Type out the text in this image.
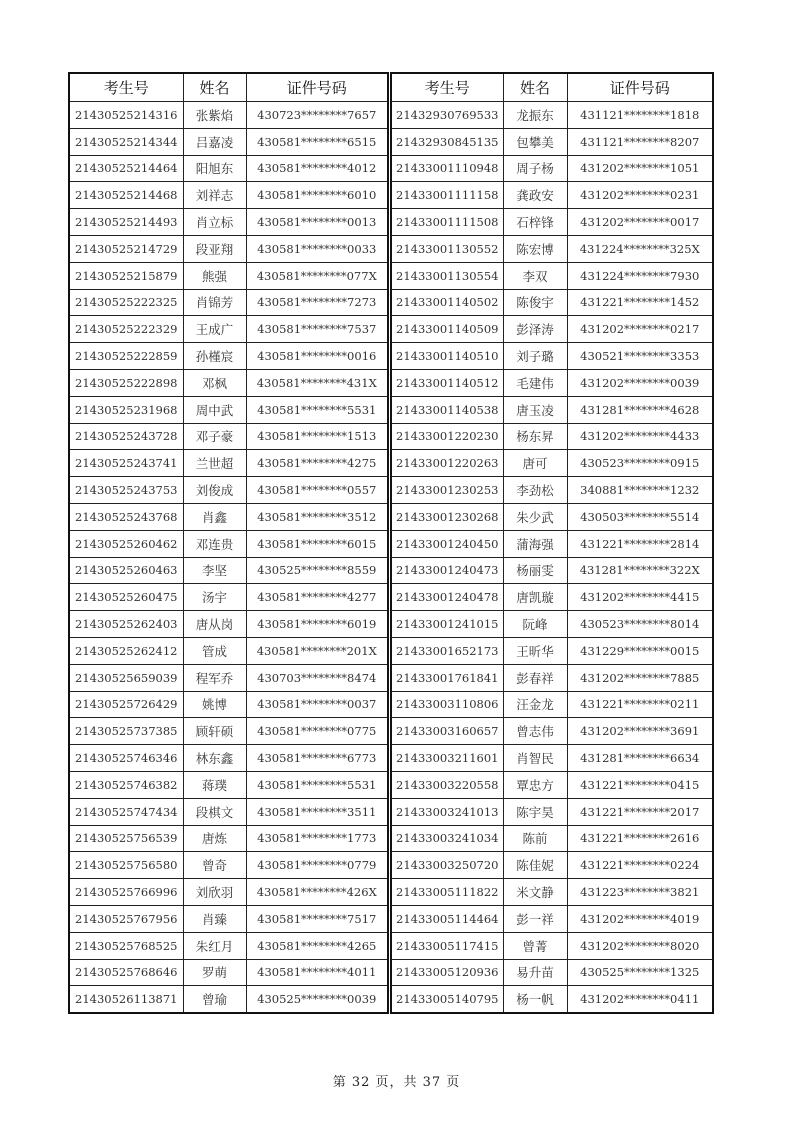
考生号	姓名	证件号码
21430525214316	张紫焰	430723********7657
21430525214344	吕嘉凌	430581********6515
21430525214464	阳旭东	430581********4012
21430525214468	刘祥志	430581********6010
21430525214493	肖立标	430581********0013
21430525214729	段亚翔	430581********0033
21430525215879	熊强	430581********077X
21430525222325	肖锦芳	430581********7273
21430525222329	王成广	430581********7537
21430525222859	孙槿宸	430581********0016
21430525222898	邓枫	430581********431X
21430525231968	周中武	430581********5531
21430525243728	邓子豪	430581********1513
21430525243741	兰世超	430581********4275
21430525243753	刘俊成	430581********0557
21430525243768	肖鑫	430581********3512
21430525260462	邓连贵	430581********6015
21430525260463	李坚	430525********8559
21430525260475	汤宇	430581********4277
21430525262403	唐从岗	430581********6019
21430525262412	管成	430581********201X
21430525659039	程军乔	430703********8474
21430525726429	姚博	430581********0037
21430525737385	顾轩硕	430581********0775
21430525746346	林东鑫	430581********6773
21430525746382	蒋璞	430581********5531
21430525747434	段棋文	430581********3511
21430525756539	唐炼	430581********1773
21430525756580	曾奇	430581********0779
21430525766996	刘欣羽	430581********426X
21430525767956	肖臻	430581********7517
21430525768525	朱红月	430581********4265
21430525768646	罗萌	430581********4011
21430526113871	曾瑜	430525********0039
考生号	姓名	证件号码
21432930769533	龙振东	431121********1818
21432930845135	包攀美	431121********8207
21433001110948	周子杨	431202********1051
21433001111158	龚政安	431202********0231
21433001111508	石梓锋	431202********0017
21433001130552	陈宏博	431224********325X
21433001130554	李双	431224********7930
21433001140502	陈俊宇	431221********1452
21433001140509	彭泽涛	431202********0217
21433001140510	刘子璐	430521********3353
21433001140512	毛建伟	431202********0039
21433001140538	唐玉凌	431281********4628
21433001220230	杨东昇	431202********4433
21433001220263	唐可	430523********0915
21433001230253	李劲松	340881********1232
21433001230268	朱少武	430503********5514
21433001240450	蒲海强	431221********2814
21433001240473	杨丽雯	431281********322X
21433001240478	唐凯璇	431202********4415
21433001241015	阮峰	430523********8014
21433001652173	王昕华	431229********0015
21433001761841	彭春祥	431202********7885
21433003110806	汪金龙	431221********0211
21433003160657	曾志伟	431202********3691
21433003211601	肖智民	431281********6634
21433003220558	覃忠方	431221********0415
21433003241013	陈宇昊	431221********2017
21433003241034	陈前	431221********2616
21433003250720	陈佳妮	431221********0224
21433005111822	米文静	431223********3821
21433005114464	彭一祥	431202********4019
21433005117415	曾菁	431202********8020
21433005120936	易升苗	430525********1325
21433005140795	杨一帆	431202********0411
第 32 页，共 37 页
